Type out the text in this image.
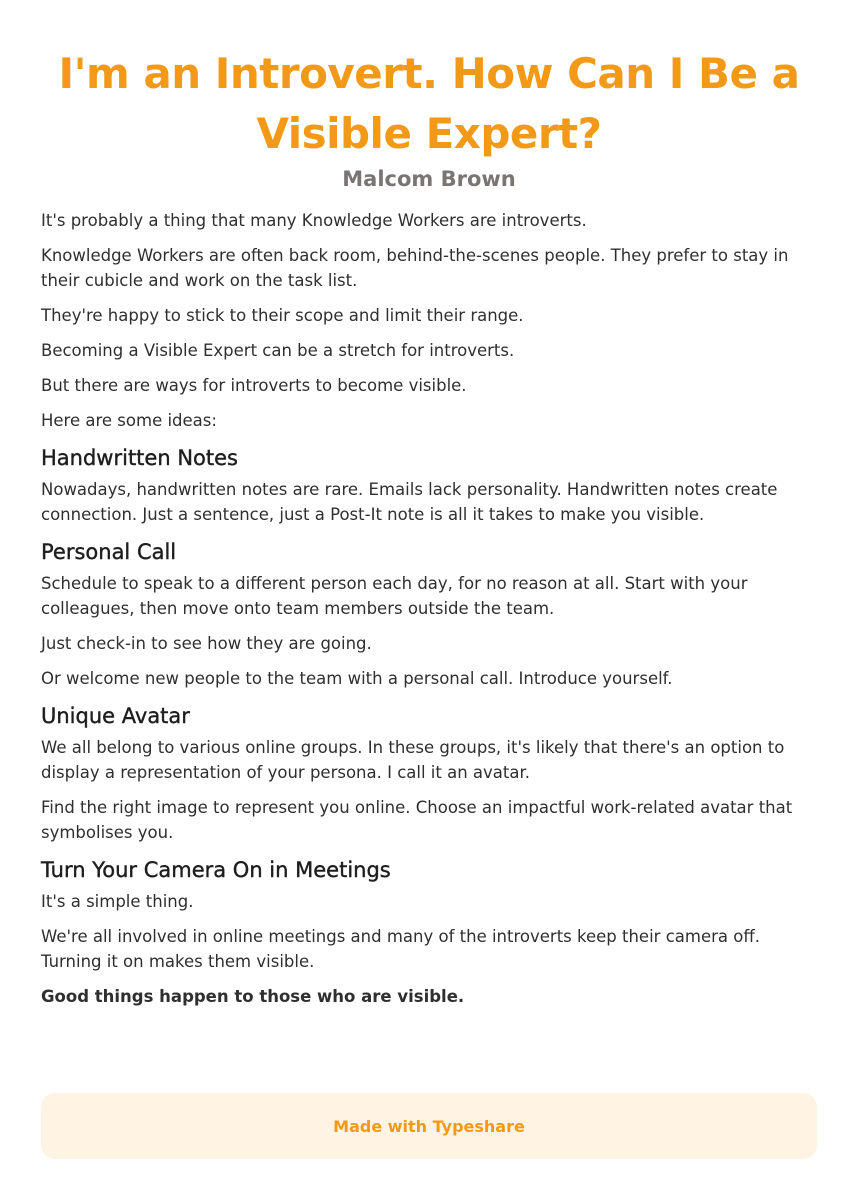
I'm an Introvert. How Can I Be a Visible Expert?
Malcom Brown

It's probably a thing that many Knowledge Workers are introverts.

Knowledge Workers are often back room, behind-the-scenes people. They prefer to stay in their cubicle and work on the task list.

They're happy to stick to their scope and limit their range.

Becoming a Visible Expert can be a stretch for introverts.

But there are ways for introverts to become visible.

Here are some ideas:

Handwritten Notes

Nowadays, handwritten notes are rare. Emails lack personality. Handwritten notes create connection. Just a sentence, just a Post-It note is all it takes to make you visible.

Personal Call

Schedule to speak to a different person each day, for no reason at all. Start with your colleagues, then move onto team members outside the team.

Just check-in to see how they are going.

Or welcome new people to the team with a personal call. Introduce yourself.

Unique Avatar

We all belong to various online groups. In these groups, it's likely that there's an option to display a representation of your persona. I call it an avatar.

Find the right image to represent you online. Choose an impactful work-related avatar that symbolises you.

Turn Your Camera On in Meetings

It's a simple thing.

We're all involved in online meetings and many of the introverts keep their camera off. Turning it on makes them visible.

Good things happen to those who are visible.

Made with Typeshare
